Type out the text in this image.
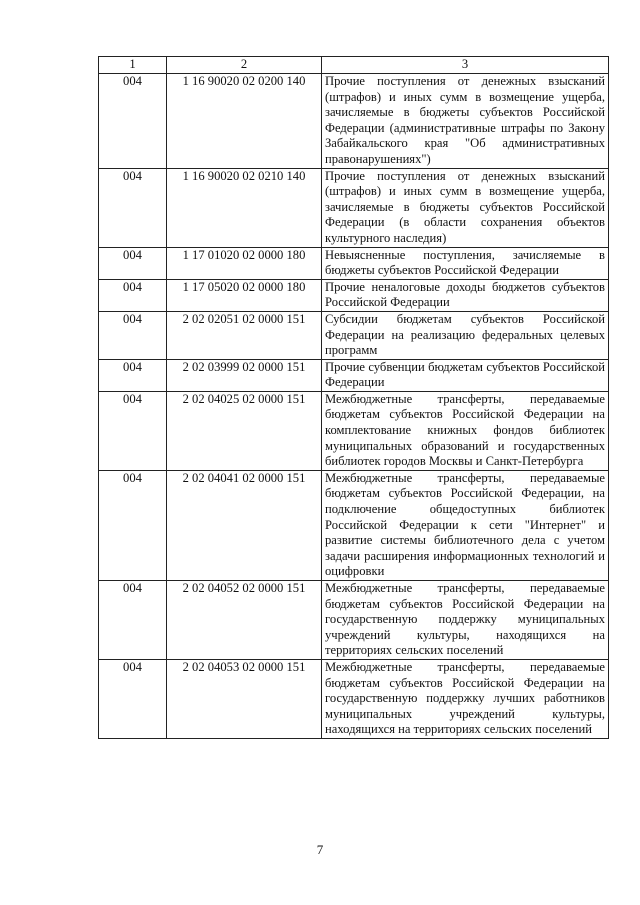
1	2	3
004	1 16 90020 02 0200 140	Прочие поступления от денежных взысканий (штрафов) и иных сумм в возмещение ущерба, зачисляемые в бюджеты субъектов Российской Федерации (административные штрафы по Закону Забайкальского края "Об административных правонарушениях")
004	1 16 90020 02 0210 140	Прочие поступления от денежных взысканий (штрафов) и иных сумм в возмещение ущерба, зачисляемые в бюджеты субъектов Российской Федерации (в области сохранения объектов культурного наследия)
004	1 17 01020 02 0000 180	Невыясненные поступления, зачисляемые в бюджеты субъектов Российской Федерации
004	1 17 05020 02 0000 180	Прочие неналоговые доходы бюджетов субъектов Российской Федерации
004	2 02 02051 02 0000 151	Субсидии бюджетам субъектов Российской Федерации на реализацию федеральных целевых программ
004	2 02 03999 02 0000 151	Прочие субвенции бюджетам субъектов Российской Федерации
004	2 02 04025 02 0000 151	Межбюджетные трансферты, передаваемые бюджетам субъектов Российской Федерации на комплектование книжных фондов библиотек муниципальных образований и государственных библиотек городов Москвы и Санкт-Петербурга
004	2 02 04041 02 0000 151	Межбюджетные трансферты, передаваемые бюджетам субъектов Российской Федерации, на подключение общедоступных библиотек Российской Федерации к сети "Интернет" и развитие системы библиотечного дела с учетом задачи расширения информационных технологий и оцифровки
004	2 02 04052 02 0000 151	Межбюджетные трансферты, передаваемые бюджетам субъектов Российской Федерации на государственную поддержку муниципальных учреждений культуры, находящихся на территориях сельских поселений
004	2 02 04053 02 0000 151	Межбюджетные трансферты, передаваемые бюджетам субъектов Российской Федерации на государственную поддержку лучших работников муниципальных учреждений культуры, находящихся на территориях сельских поселений
7
